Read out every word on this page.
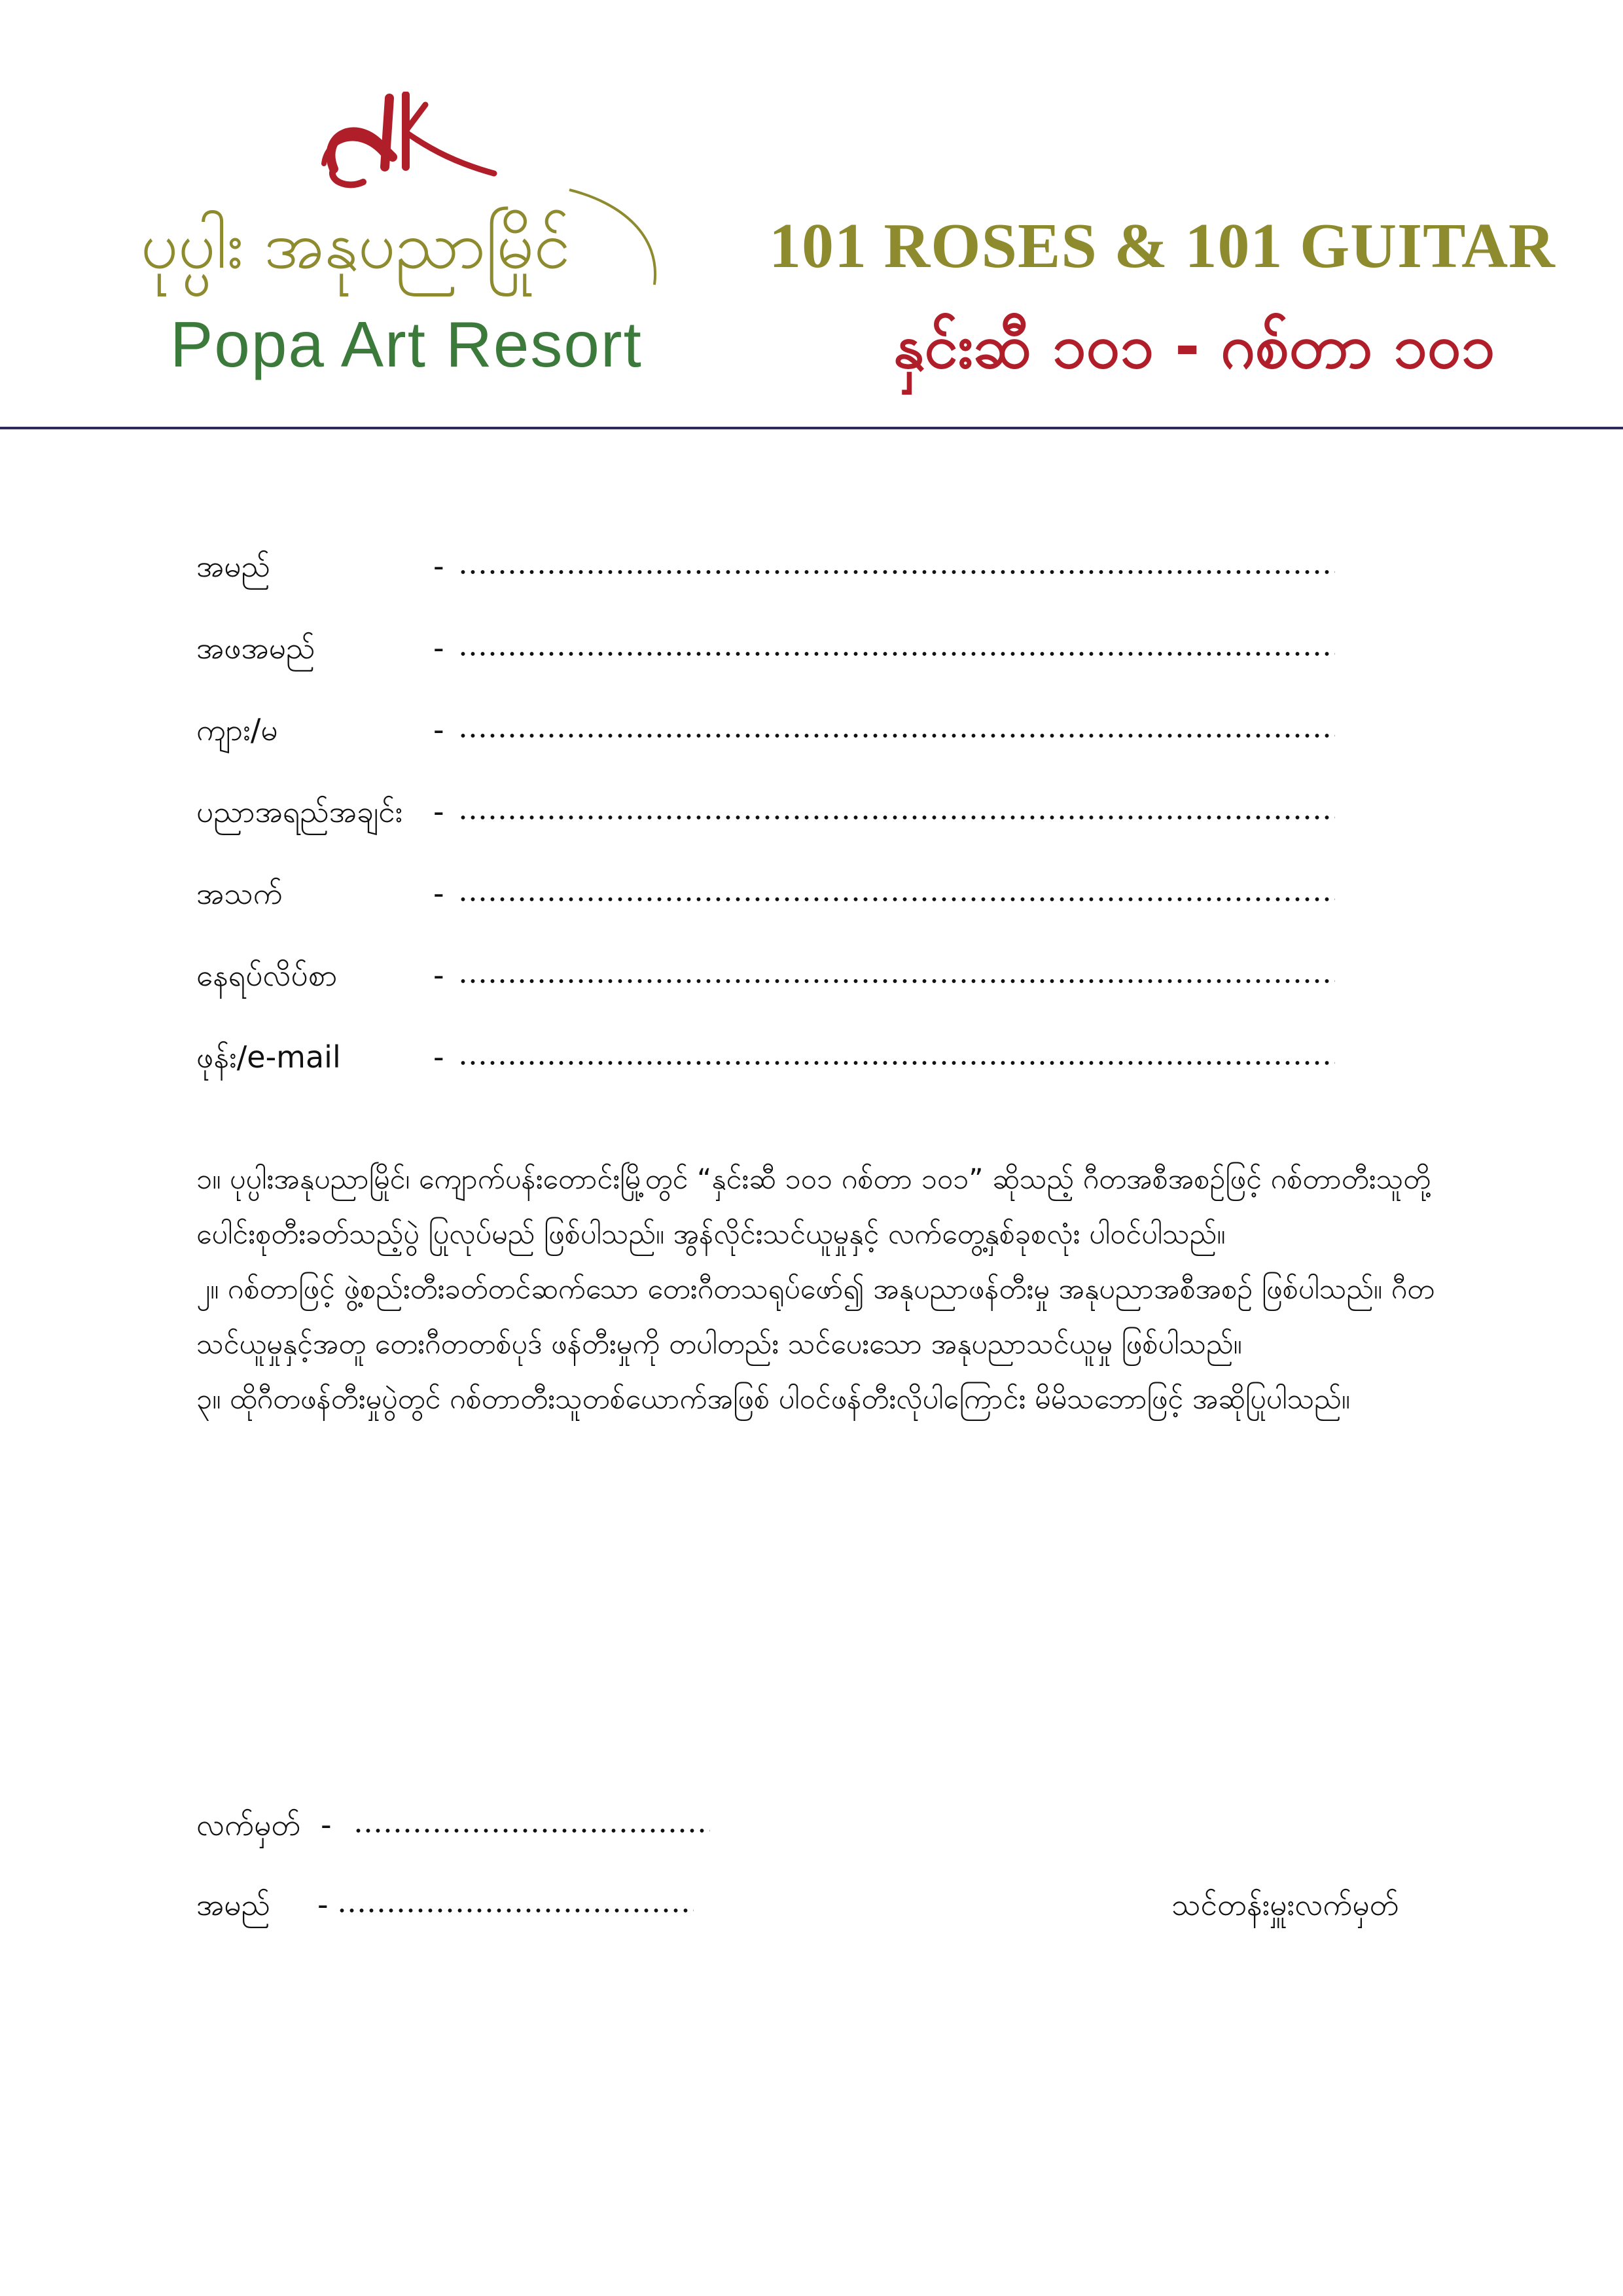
ပုပ္ပါး အနုပညာမြိုင်
Popa Art Resort
101 ROSES & 101 GUITAR
နှင်းဆီ ၁၀၁ - ဂစ်တာ ၁၀၁
အမည်	-
အဖအမည်	-
ကျား/မ	-
ပညာအရည်အချင်း -
အသက်	-
နေရပ်လိပ်စာ	-
ဖုန်း/e-mail	-

၁။ ပုပ္ပါးအနုပညာမြိုင်၊ ကျောက်ပန်းတောင်းမြို့တွင် “နှင်းဆီ ၁၀၁ ဂစ်တာ ၁၀၁” ဆိုသည့် ဂီတအစီအစဉ်ဖြင့် ဂစ်တာတီးသူတို့ ပေါင်းစုတီးခတ်သည့်ပွဲ ပြုလုပ်မည် ဖြစ်ပါသည်။ အွန်လိုင်းသင်ယူမှုနှင့် လက်တွေ့နှစ်ခုစလုံး ပါဝင်ပါသည်။

၂။ ဂစ်တာဖြင့် ဖွဲ့စည်းတီးခတ်တင်ဆက်သော တေးဂီတသရုပ်ဖော်၍ အနုပညာဖန်တီးမှု အနုပညာအစီအစဉ် ဖြစ်ပါသည်။ ဂီတသင်ယူမှုနှင့်အတူ တေးဂီတတစ်ပုဒ် ဖန်တီးမှုကို တပါတည်း သင်ပေးသော အနုပညာသင်ယူမှု ဖြစ်ပါသည်။

၃။ ထိုဂီတဖန်တီးမှုပွဲတွင် ဂစ်တာတီးသူတစ်ယောက်အဖြစ် ပါဝင်ဖန်တီးလိုပါကြောင်း မိမိသဘောဖြင့် အဆိုပြုပါသည်။

လက်မှတ် -
အမည် -	သင်တန်းမှူးလက်မှတ်
